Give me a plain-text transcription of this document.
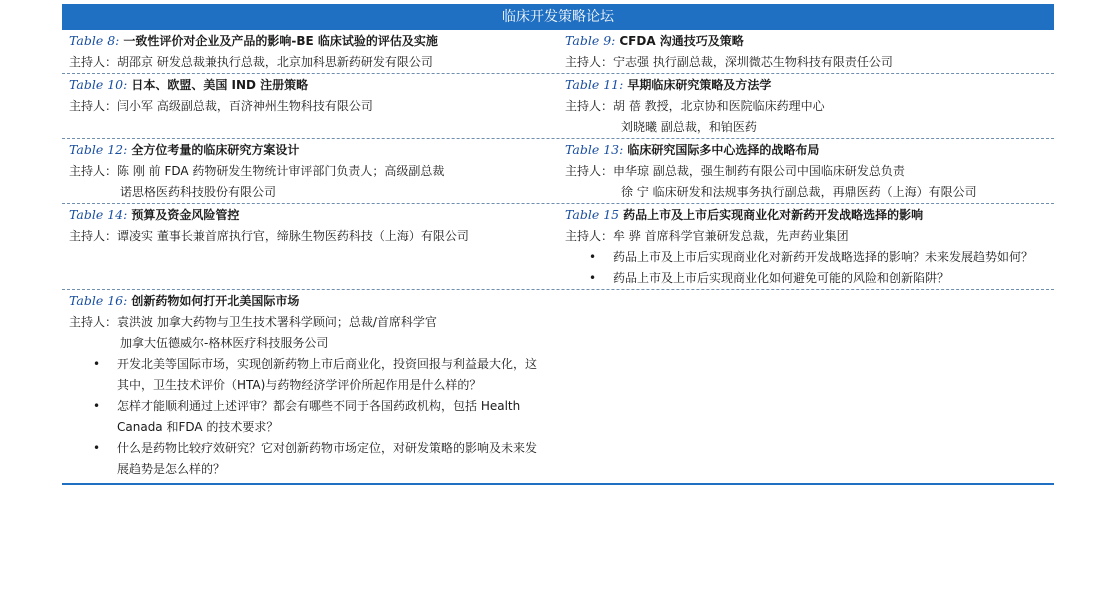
临床开发策略论坛
Table 8: 一致性评价对企业及产品的影响-BE 临床试验的评估及实施
主持人：胡邵京 研发总裁兼执行总裁，北京加科思新药研发有限公司
Table 9: CFDA 沟通技巧及策略
主持人：宁志强 执行副总裁，深圳微芯生物科技有限责任公司
Table 10: 日本、欧盟、美国 IND 注册策略
主持人：闫小军 高级副总裁，百济神州生物科技有限公司
Table 11: 早期临床研究策略及方法学
主持人：胡 蓓 教授，北京协和医院临床药理中心
刘晓曦 副总裁，和铂医药
Table 12: 全方位考量的临床研究方案设计
主持人：陈 刚 前 FDA 药物研发生物统计审评部门负责人；高级副总裁
诺思格医药科技股份有限公司
Table 13: 临床研究国际多中心选择的战略布局
主持人：申华琼 副总裁，强生制药有限公司中国临床研发总负责
徐 宁 临床研发和法规事务执行副总裁，再鼎医药（上海）有限公司
Table 14: 预算及资金风险管控
主持人：谭凌实 董事长兼首席执行官，缔脉生物医药科技（上海）有限公司
Table 15 药品上市及上市后实现商业化对新药开发战略选择的影响
主持人：牟 骅 首席科学官兼研发总裁，先声药业集团
• 药品上市及上市后实现商业化对新药开发战略选择的影响？未来发展趋势如何？
• 药品上市及上市后实现商业化如何避免可能的风险和创新陷阱？
Table 16: 创新药物如何打开北美国际市场
主持人：袁洪波 加拿大药物与卫生技术署科学顾问；总裁/首席科学官
加拿大伍德威尔-格林医疗科技服务公司
• 开发北美等国际市场，实现创新药物上市后商业化，投资回报与利益最大化，这其中，卫生技术评价（HTA)与药物经济学评价所起作用是什么样的？
• 怎样才能顺利通过上述评审？都会有哪些不同于各国药政机构，包括 Health Canada 和FDA 的技术要求？
• 什么是药物比较疗效研究？它对创新药物市场定位，对研发策略的影响及未来发展趋势是怎么样的？
